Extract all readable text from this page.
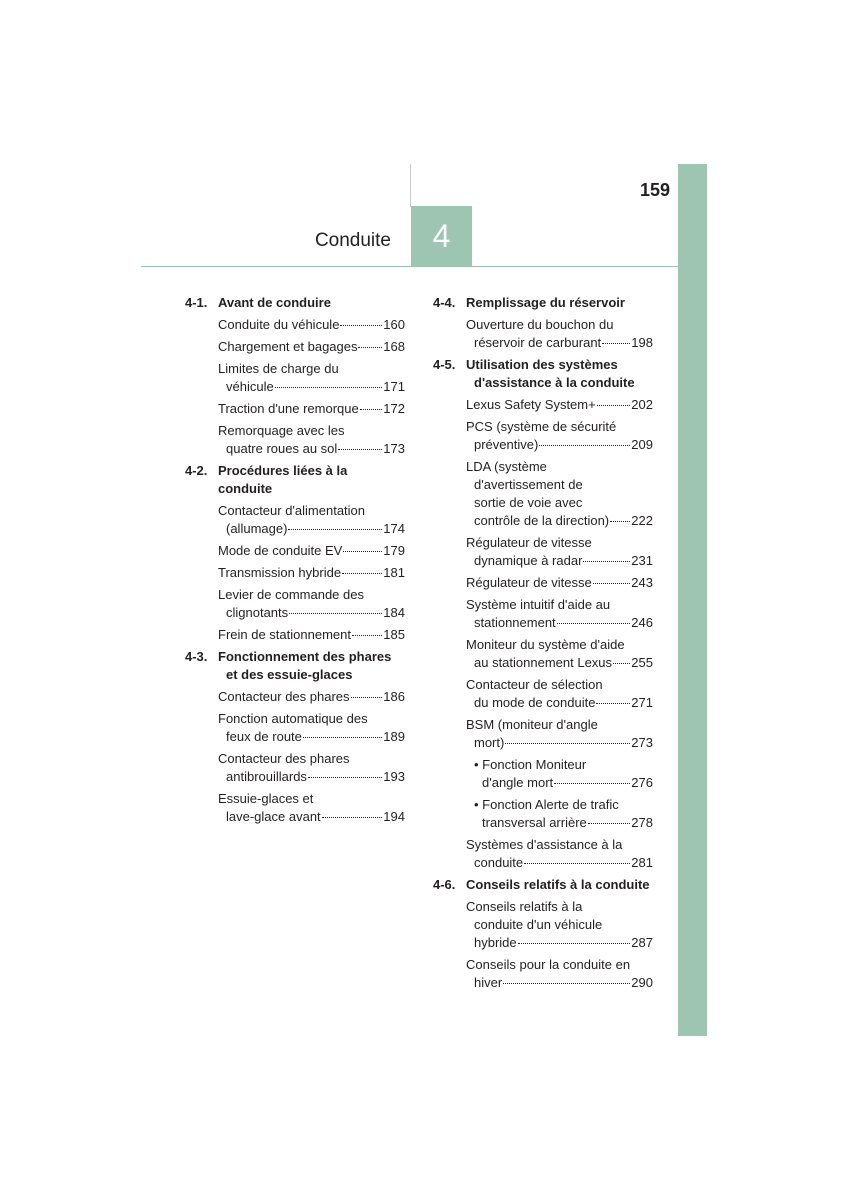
159
Conduite	4
4-1. Avant de conduire
Conduite du véhicule	160
Chargement et bagages 168
Limites de charge du
véhicule	171
Traction d'une remorque 172
Remorquage avec les
quatre roues au sol	173
4-2. Procédures liées à la conduite
Contacteur d'alimentation
(allumage)	174
Mode de conduite EV	179
Transmission hybride	181
Levier de commande des
clignotants	184
Frein de stationnement 185
4-3. Fonctionnement des phares
et des essuie-glaces
Contacteur des phares	186
Fonction automatique des
feux de route	189
Contacteur des phares
antibrouillards	193
Essuie-glaces et
lave-glace avant	194
4-4. Remplissage du réservoir
Ouverture du bouchon du
réservoir de carburant 198
4-5. Utilisation des systèmes
d'assistance à la conduite
Lexus Safety System+	202
PCS (système de sécurité
préventive)	209
LDA (système
d'avertissement de
sortie de voie avec
contrôle de la direction) 222
Régulateur de vitesse
dynamique à radar	231
Régulateur de vitesse	243
Système intuitif d'aide au
stationnement	246
Moniteur du système d'aide
au stationnement Lexus 255
Contacteur de sélection
du mode de conduite	271
BSM (moniteur d'angle
mort)	273
• Fonction Moniteur
d'angle mort	276
• Fonction Alerte de trafic
transversal arrière	278
Systèmes d'assistance à la
conduite	281
4-6. Conseils relatifs à la conduite
Conseils relatifs à la
conduite d'un véhicule
hybride	287
Conseils pour la conduite en
hiver	290
